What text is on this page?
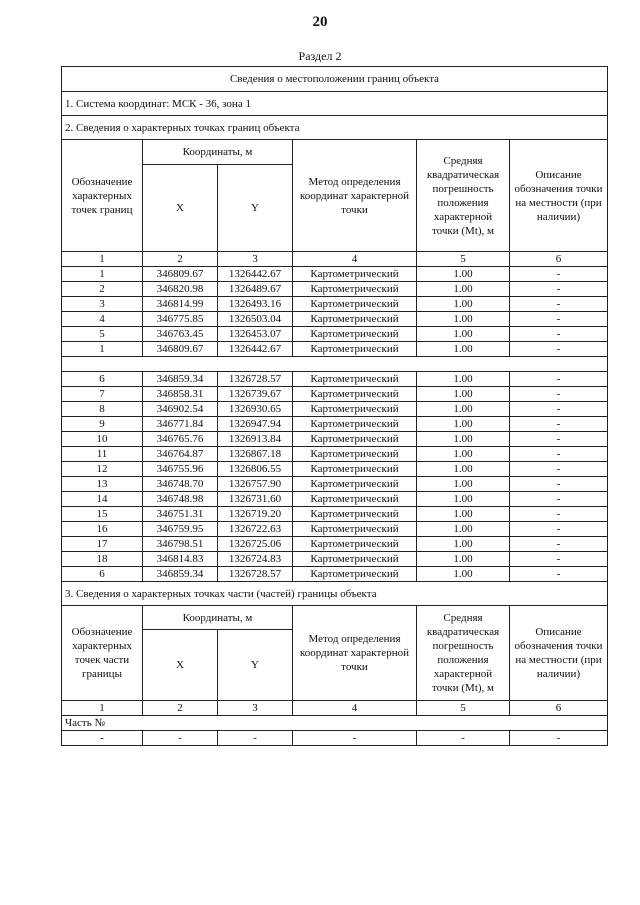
20
Раздел 2
Сведения о местоположении границ объекта					
1. Система координат: МСК - 36, зона 1					
2. Сведения о характерных точках границ объекта					
Обозначение характерных точек границ	Координаты, м		Метод определения координат характерной точки	Средняя квадратическая погрешность положения характерной точки (Mt), м	Описание обозначения точки на местности (при наличии)
	X	Y			
1	2	3	4	5	6
1	346809.67	1326442.67	Картометрический	1.00	-
2	346820.98	1326489.67	Картометрический	1.00	-
3	346814.99	1326493.16	Картометрический	1.00	-
4	346775.85	1326503.04	Картометрический	1.00	-
5	346763.45	1326453.07	Картометрический	1.00	-
1	346809.67	1326442.67	Картометрический	1.00	-

6	346859.34	1326728.57	Картометрический	1.00	-
7	346858.31	1326739.67	Картометрический	1.00	-
8	346902.54	1326930.65	Картометрический	1.00	-
9	346771.84	1326947.94	Картометрический	1.00	-
10	346765.76	1326913.84	Картометрический	1.00	-
11	346764.87	1326867.18	Картометрический	1.00	-
12	346755.96	1326806.55	Картометрический	1.00	-
13	346748.70	1326757.90	Картометрический	1.00	-
14	346748.98	1326731.60	Картометрический	1.00	-
15	346751.31	1326719.20	Картометрический	1.00	-
16	346759.95	1326722.63	Картометрический	1.00	-
17	346798.51	1326725.06	Картометрический	1.00	-
18	346814.83	1326724.83	Картометрический	1.00	-
6	346859.34	1326728.57	Картометрический	1.00	-
3. Сведения о характерных точках части (частей) границы объекта					
Обозначение характерных точек части границы	Координаты, м		Метод определения координат характерной точки	Средняя квадратическая погрешность положения характерной точки (Mt), м	Описание обозначения точки на местности (при наличии)
	X	Y			
1	2	3	4	5	6
Часть №					
-	-	-	-	-	-
